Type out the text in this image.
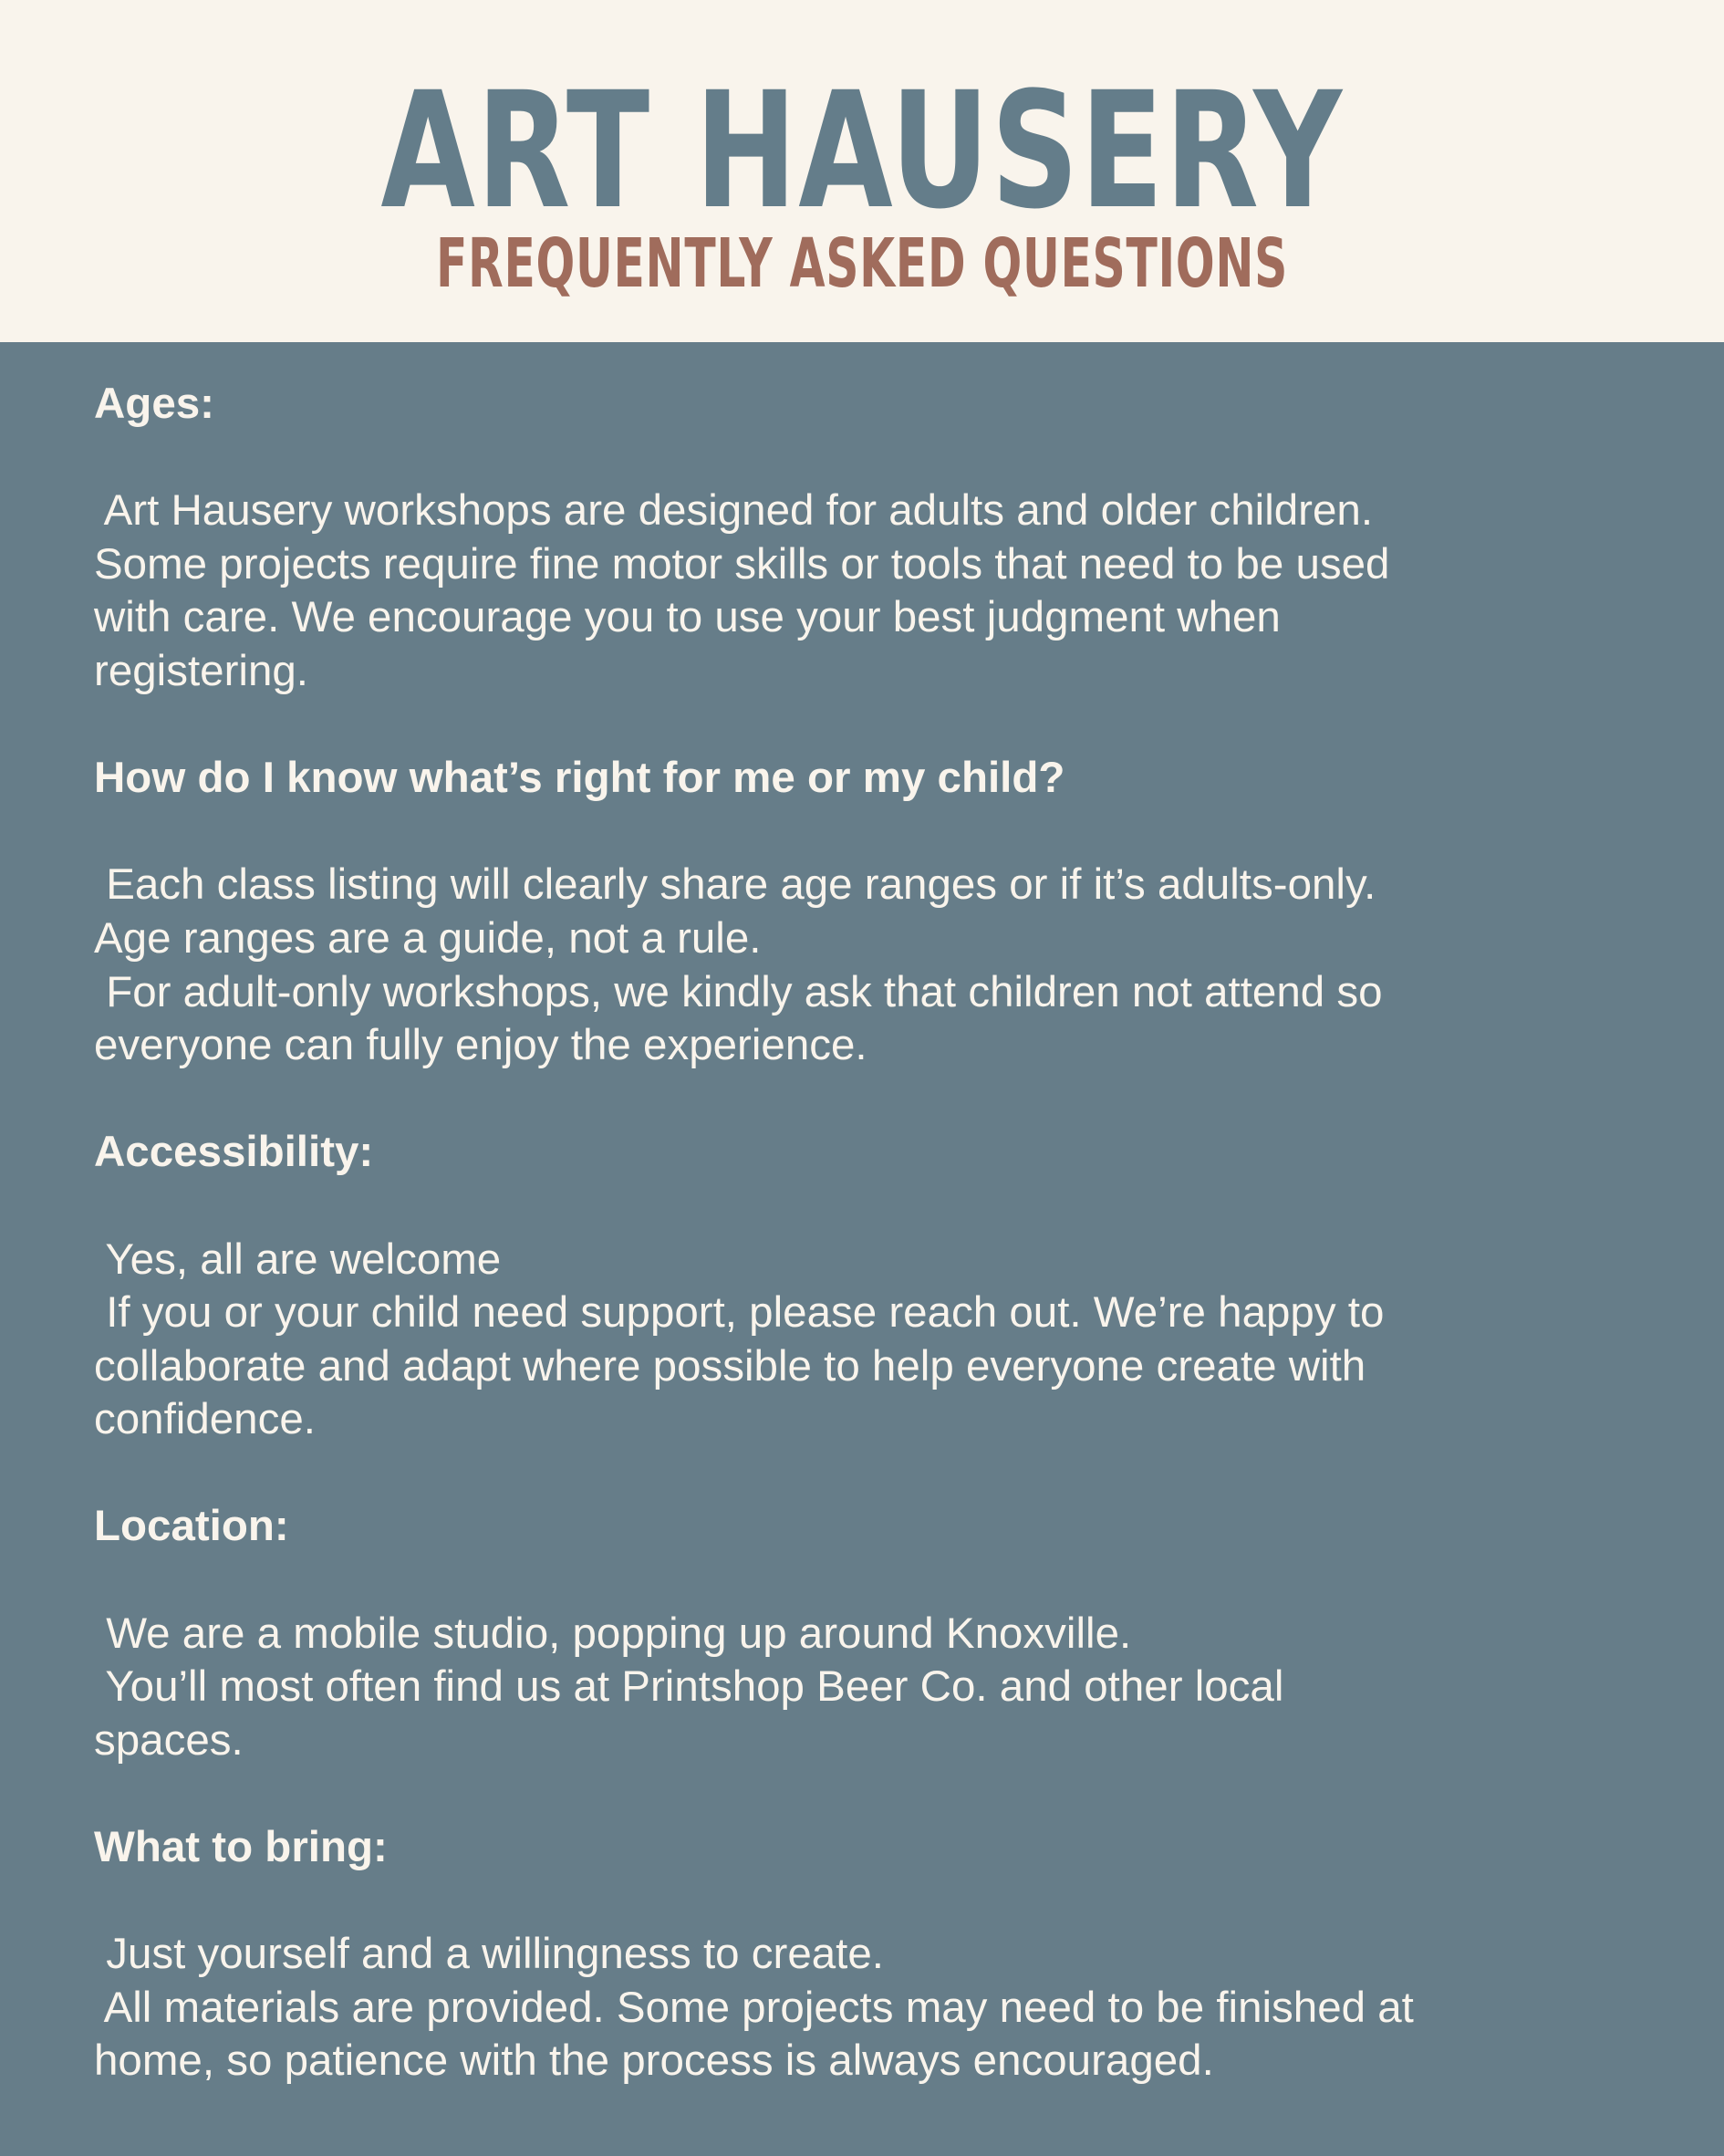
ART HAUSERY
FREQUENTLY ASKED QUESTIONS
Ages:
Art Hausery workshops are designed for adults and older children.
Some projects require fine motor skills or tools that need to be used
with care. We encourage you to use your best judgment when
registering.
How do I know what’s right for me or my child?
Each class listing will clearly share age ranges or if it’s adults-only.
Age ranges are a guide, not a rule.
For adult-only workshops, we kindly ask that children not attend so
everyone can fully enjoy the experience.
Accessibility:
Yes, all are welcome
If you or your child need support, please reach out. We’re happy to
collaborate and adapt where possible to help everyone create with
confidence.
Location:
We are a mobile studio, popping up around Knoxville.
You’ll most often find us at Printshop Beer Co. and other local
spaces.
What to bring:
Just yourself and a willingness to create.
All materials are provided. Some projects may need to be finished at
home, so patience with the process is always encouraged.
